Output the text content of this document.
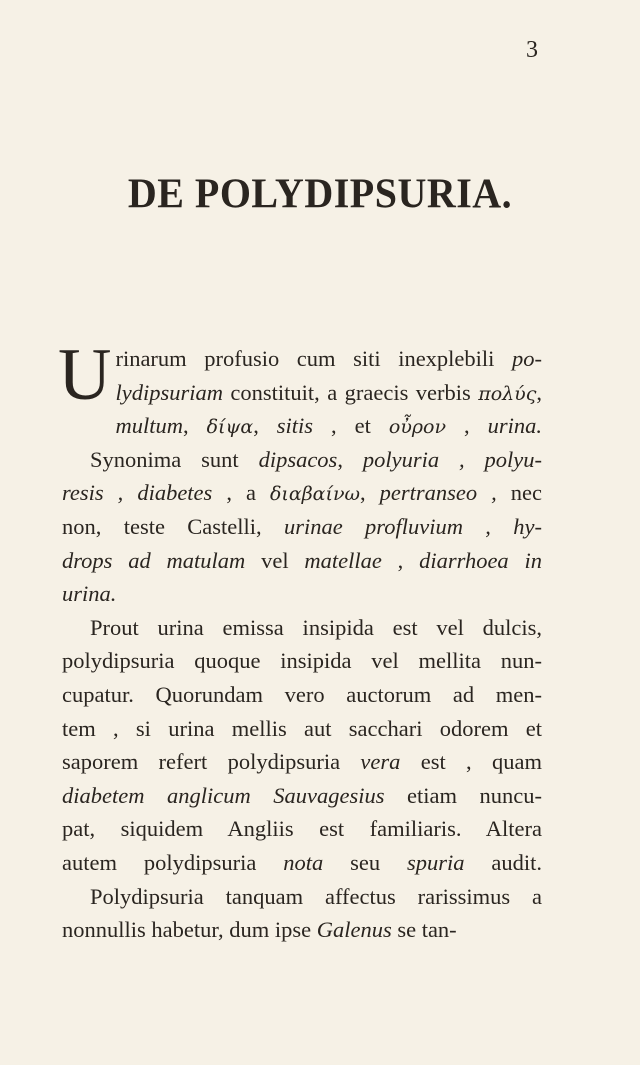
3
DE POLYDIPSURIA.
U rinarum profusio cum siti inexplebili po-
lydipsuriam constituit, a graecis verbis πολύς,
multum, δίψα, sitis , et οὖρον , urina.
Synonima sunt dipsacos, polyuria , polyu-
resis , diabetes , a διαβαίνω, pertranseo , nec
non, teste Castelli, urinae profluvium , hy-
drops ad matulam vel matellae , diarrhoea in
urina.
Prout urina emissa insipida est vel dulcis,
polydipsuria quoque insipida vel mellita nun-
cupatur. Quorundam vero auctorum ad men-
tem , si urina mellis aut sacchari odorem et
saporem refert polydipsuria vera est , quam
diabetem anglicum Sauvagesius etiam nuncu-
pat, siquidem Angliis est familiaris. Altera
autem polydipsuria nota seu spuria audit.
Polydipsuria tanquam affectus rarissimus a
nonnullis habetur, dum ipse Galenus se tan-
